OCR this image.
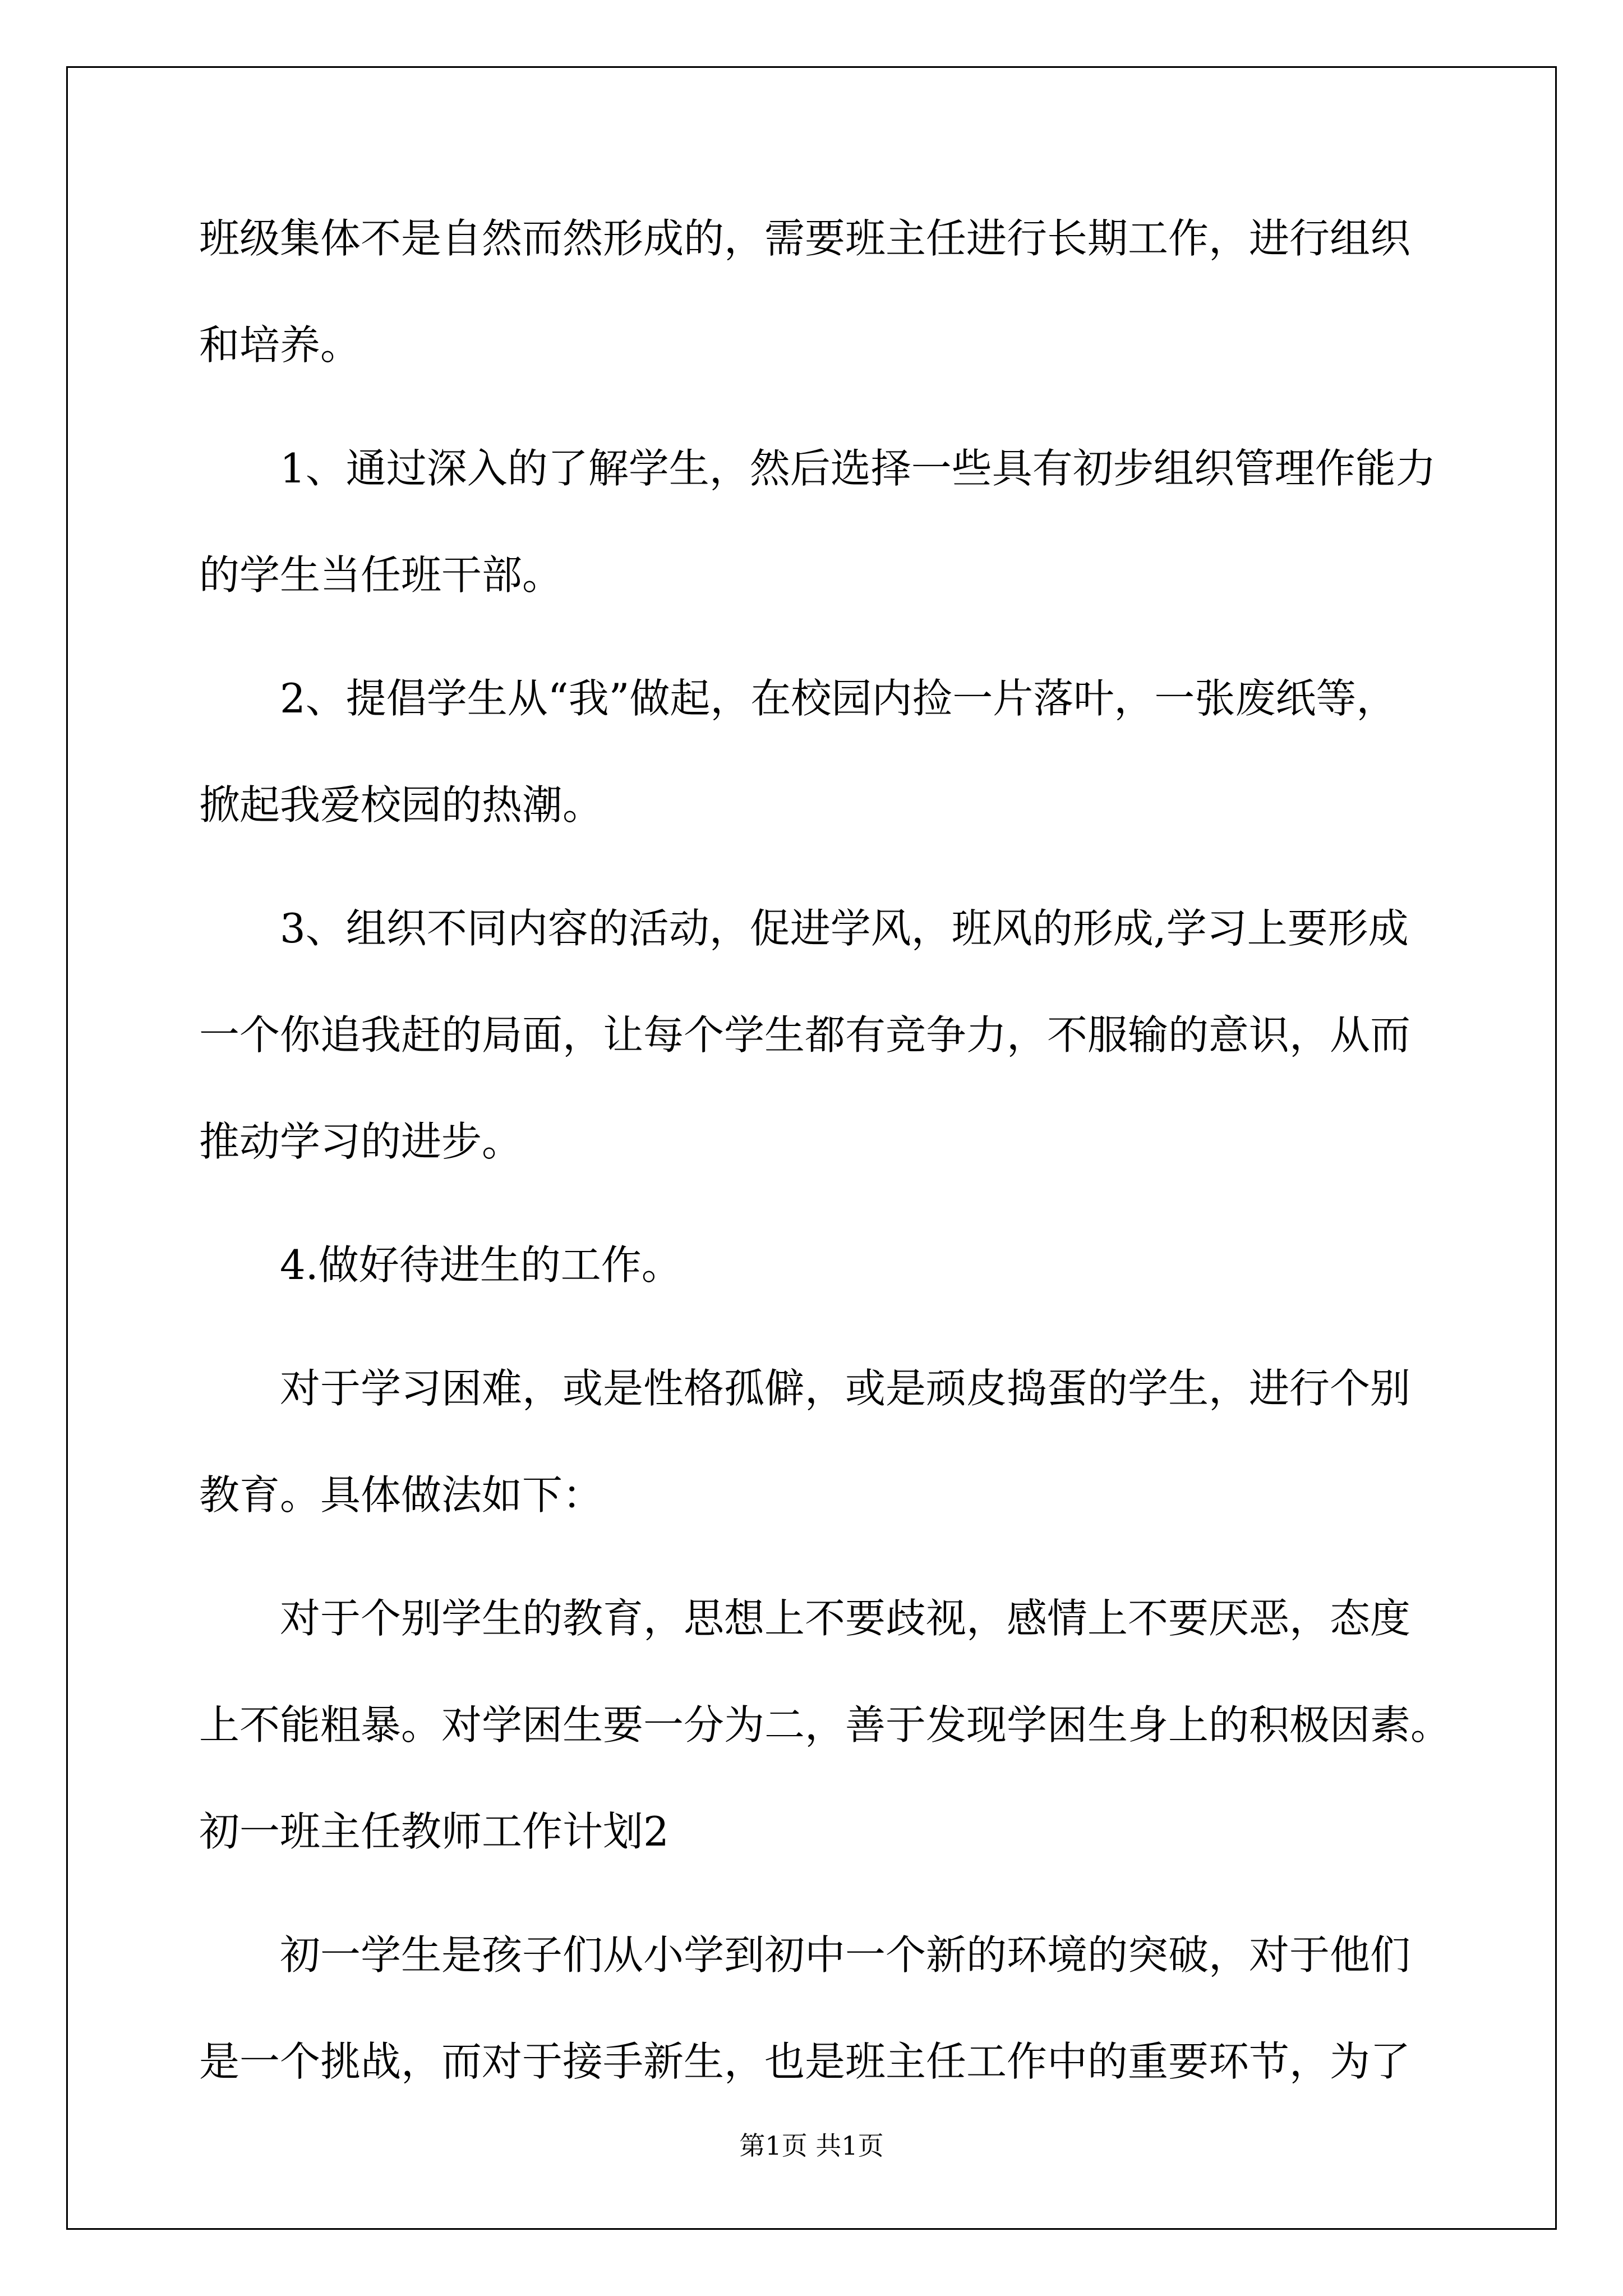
班级集体不是自然而然形成的，需要班主任进行长期工作，进行组织
和培养。
1、通过深入的了解学生，然后选择一些具有初步组织管理作能力
的学生当任班干部。
2、提倡学生从“我”做起，在校园内捡一片落叶，一张废纸等，
掀起我爱校园的热潮。
3、组织不同内容的活动，促进学风，班风的形成,学习上要形成
一个你追我赶的局面，让每个学生都有竞争力，不服输的意识，从而
推动学习的进步。
4.做好待进生的工作。
对于学习困难，或是性格孤僻，或是顽皮捣蛋的学生，进行个别
教育。具体做法如下：
对于个别学生的教育，思想上不要歧视，感情上不要厌恶，态度
上不能粗暴。对学困生要一分为二，善于发现学困生身上的积极因素。
初一班主任教师工作计划2
初一学生是孩子们从小学到初中一个新的环境的突破，对于他们
是一个挑战，而对于接手新生，也是班主任工作中的重要环节，为了
第1页 共1页
